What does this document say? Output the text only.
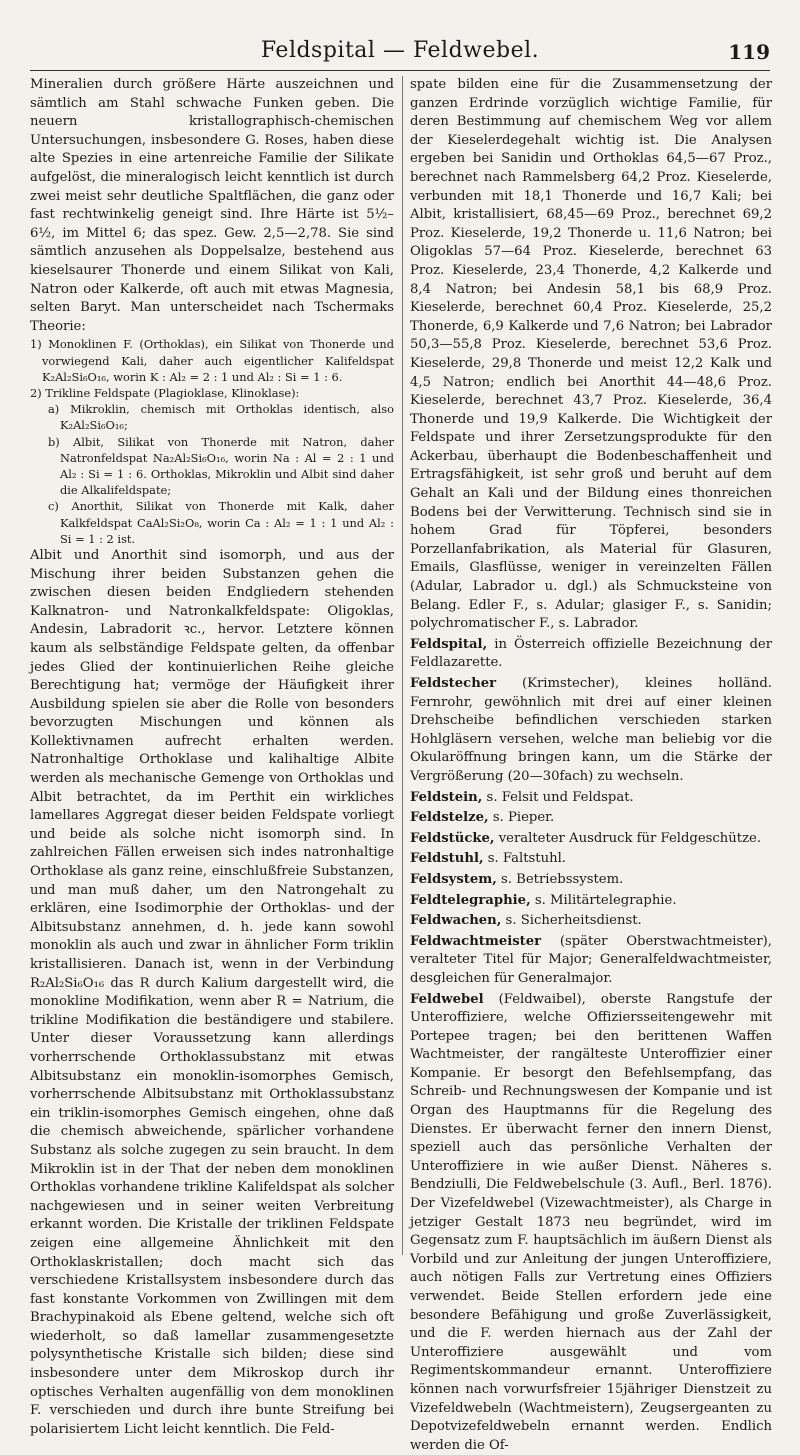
Feldspital — Feldwebel.	119

Mineralien durch größere Härte auszeichnen und sämtlich am Stahl schwache Funken geben. Die neuern kristallographisch-chemischen Untersuchungen, insbesondere G. Roses, haben diese alte Spezies in eine artenreiche Familie der Silikate aufgelöst, die mineralogisch leicht kenntlich ist durch zwei meist sehr deutliche Spaltflächen, die ganz oder fast rechtwinkelig geneigt sind. Ihre Härte ist 5½–6½, im Mittel 6; das spez. Gew. 2,5—2,78. Sie sind sämtlich anzusehen als Doppelsalze, bestehend aus kieselsaurer Thonerde und einem Silikat von Kali, Natron oder Kalkerde, oft auch mit etwas Magnesia, selten Baryt. Man unterscheidet nach Tschermaks Theorie:

1) Monoklinen F. (Orthoklas), ein Silikat von Thonerde und vorwiegend Kali, daher auch eigentlicher Kalifeldspat K₂Al₂Si₆O₁₆, worin K : Al₂ = 2 : 1 und Al₂ : Si = 1 : 6.
2) Trikline Feldspate (Plagioklase, Klinoklase):
a) Mikroklin, chemisch mit Orthoklas identisch, also K₂Al₂Si₆O₁₆;
b) Albit, Silikat von Thonerde mit Natron, daher Natronfeldspat Na₂Al₂Si₆O₁₆, worin Na : Al = 2 : 1 und Al₂ : Si = 1 : 6. Orthoklas, Mikroklin und Albit sind daher die Alkalifeldspate;
c) Anorthit, Silikat von Thonerde mit Kalk, daher Kalkfeldspat CaAl₂Si₂O₈, worin Ca : Al₂ = 1 : 1 und Al₂ : Si = 1 : 2 ist.

Albit und Anorthit sind isomorph, und aus der Mischung ihrer beiden Substanzen gehen die zwischen diesen beiden Endgliedern stehenden Kalknatron- und Natronkalkfeldspate: Oligoklas, Andesin, Labradorit ꝛc., hervor. Letztere können kaum als selbständige Feldspate gelten, da offenbar jedes Glied der kontinuierlichen Reihe gleiche Berechtigung hat; vermöge der Häufigkeit ihrer Ausbildung spielen sie aber die Rolle von besonders bevorzugten Mischungen und können als Kollektivnamen aufrecht erhalten werden. Natronhaltige Orthoklase und kalihaltige Albite werden als mechanische Gemenge von Orthoklas und Albit betrachtet, da im Perthit ein wirkliches lamellares Aggregat dieser beiden Feldspate vorliegt und beide als solche nicht isomorph sind. In zahlreichen Fällen erweisen sich indes natronhaltige Orthoklase als ganz reine, einschlußfreie Substanzen, und man muß daher, um den Natrongehalt zu erklären, eine Isodimorphie der Orthoklas- und der Albitsubstanz annehmen, d. h. jede kann sowohl monoklin als auch und zwar in ähnlicher Form triklin kristallisieren. Danach ist, wenn in der Verbindung R₂Al₂Si₆O₁₆ das R durch Kalium dargestellt wird, die monokline Modifikation, wenn aber R = Natrium, die trikline Modifikation die beständigere und stabilere. Unter dieser Voraussetzung kann allerdings vorherrschende Orthoklassubstanz mit etwas Albitsubstanz ein monoklin-isomorphes Gemisch, vorherrschende Albitsubstanz mit Orthoklassubstanz ein triklin-isomorphes Gemisch eingehen, ohne daß die chemisch abweichende, spärlicher vorhandene Substanz als solche zugegen zu sein braucht. In dem Mikroklin ist in der That der neben dem monoklinen Orthoklas vorhandene trikline Kalifeldspat als solcher nachgewiesen und in seiner weiten Verbreitung erkannt worden. Die Kristalle der triklinen Feldspate zeigen eine allgemeine Ähnlichkeit mit den Orthoklaskristallen; doch macht sich das verschiedene Kristallsystem insbesondere durch das fast konstante Vorkommen von Zwillingen mit dem Brachypinakoid als Ebene geltend, welche sich oft wiederholt, so daß lamellar zusammengesetzte polysynthetische Kristalle sich bilden; diese sind insbesondere unter dem Mikroskop durch ihr optisches Verhalten augenfällig von dem monoklinen F. verschieden und durch ihre bunte Streifung bei polarisiertem Licht leicht kenntlich. Die Feld-

spate bilden eine für die Zusammensetzung der ganzen Erdrinde vorzüglich wichtige Familie, für deren Bestimmung auf chemischem Weg vor allem der Kieselerdegehalt wichtig ist. Die Analysen ergeben bei Sanidin und Orthoklas 64,5—67 Proz., berechnet nach Rammelsberg 64,2 Proz. Kieselerde, verbunden mit 18,1 Thonerde und 16,7 Kali; bei Albit, kristallisiert, 68,45—69 Proz., berechnet 69,2 Proz. Kieselerde, 19,2 Thonerde u. 11,6 Natron; bei Oligoklas 57—64 Proz. Kieselerde, berechnet 63 Proz. Kieselerde, 23,4 Thonerde, 4,2 Kalkerde und 8,4 Natron; bei Andesin 58,1 bis 68,9 Proz. Kieselerde, berechnet 60,4 Proz. Kieselerde, 25,2 Thonerde, 6,9 Kalkerde und 7,6 Natron; bei Labrador 50,3—55,8 Proz. Kieselerde, berechnet 53,6 Proz. Kieselerde, 29,8 Thonerde und meist 12,2 Kalk und 4,5 Natron; endlich bei Anorthit 44—48,6 Proz. Kieselerde, berechnet 43,7 Proz. Kieselerde, 36,4 Thonerde und 19,9 Kalkerde. Die Wichtigkeit der Feldspate und ihrer Zersetzungsprodukte für den Ackerbau, überhaupt die Bodenbeschaffenheit und Ertragsfähigkeit, ist sehr groß und beruht auf dem Gehalt an Kali und der Bildung eines thonreichen Bodens bei der Verwitterung. Technisch sind sie in hohem Grad für Töpferei, besonders Porzellanfabrikation, als Material für Glasuren, Emails, Glasflüsse, weniger in vereinzelten Fällen (Adular, Labrador u. dgl.) als Schmucksteine von Belang. Edler F., s. Adular; glasiger F., s. Sanidin; polychromatischer F., s. Labrador.

Feldspital, in Österreich offizielle Bezeichnung der Feldlazarette.

Feldstecher (Krimstecher), kleines holländ. Fernrohr, gewöhnlich mit drei auf einer kleinen Drehscheibe befindlichen verschieden starken Hohlgläsern versehen, welche man beliebig vor die Okularöffnung bringen kann, um die Stärke der Vergrößerung (20—30fach) zu wechseln.

Feldstein, s. Felsit und Feldspat.

Feldstelze, s. Pieper.

Feldstücke, veralteter Ausdruck für Feldgeschütze.

Feldstuhl, s. Faltstuhl.

Feldsystem, s. Betriebssystem.

Feldtelegraphie, s. Militärtelegraphie.

Feldwachen, s. Sicherheitsdienst.

Feldwachtmeister (später Oberstwachtmeister), veralteter Titel für Major; Generalfeldwachtmeister, desgleichen für Generalmajor.

Feldwebel (Feldwaibel), oberste Rangstufe der Unteroffiziere, welche Offiziersseitengewehr mit Portepee tragen; bei den berittenen Waffen Wachtmeister, der rangälteste Unteroffizier einer Kompanie. Er besorgt den Befehlsempfang, das Schreib- und Rechnungswesen der Kompanie und ist Organ des Hauptmanns für die Regelung des Dienstes. Er überwacht ferner den innern Dienst, speziell auch das persönliche Verhalten der Unteroffiziere in wie außer Dienst. Näheres s. Bendziulli, Die Feldwebelschule (3. Aufl., Berl. 1876). Der Vizefeldwebel (Vizewachtmeister), als Charge in jetziger Gestalt 1873 neu begründet, wird im Gegensatz zum F. hauptsächlich im äußern Dienst als Vorbild und zur Anleitung der jungen Unteroffiziere, auch nötigen Falls zur Vertretung eines Offiziers verwendet. Beide Stellen erfordern jede eine besondere Befähigung und große Zuverlässigkeit, und die F. werden hiernach aus der Zahl der Unteroffiziere ausgewählt und vom Regimentskommandeur ernannt. Unteroffiziere können nach vorwurfsfreier 15jähriger Dienstzeit zu Vizefeldwebeln (Wachtmeistern), Zeugsergeanten zu Depotvizefeldwebeln ernannt werden. Endlich werden die Of-
